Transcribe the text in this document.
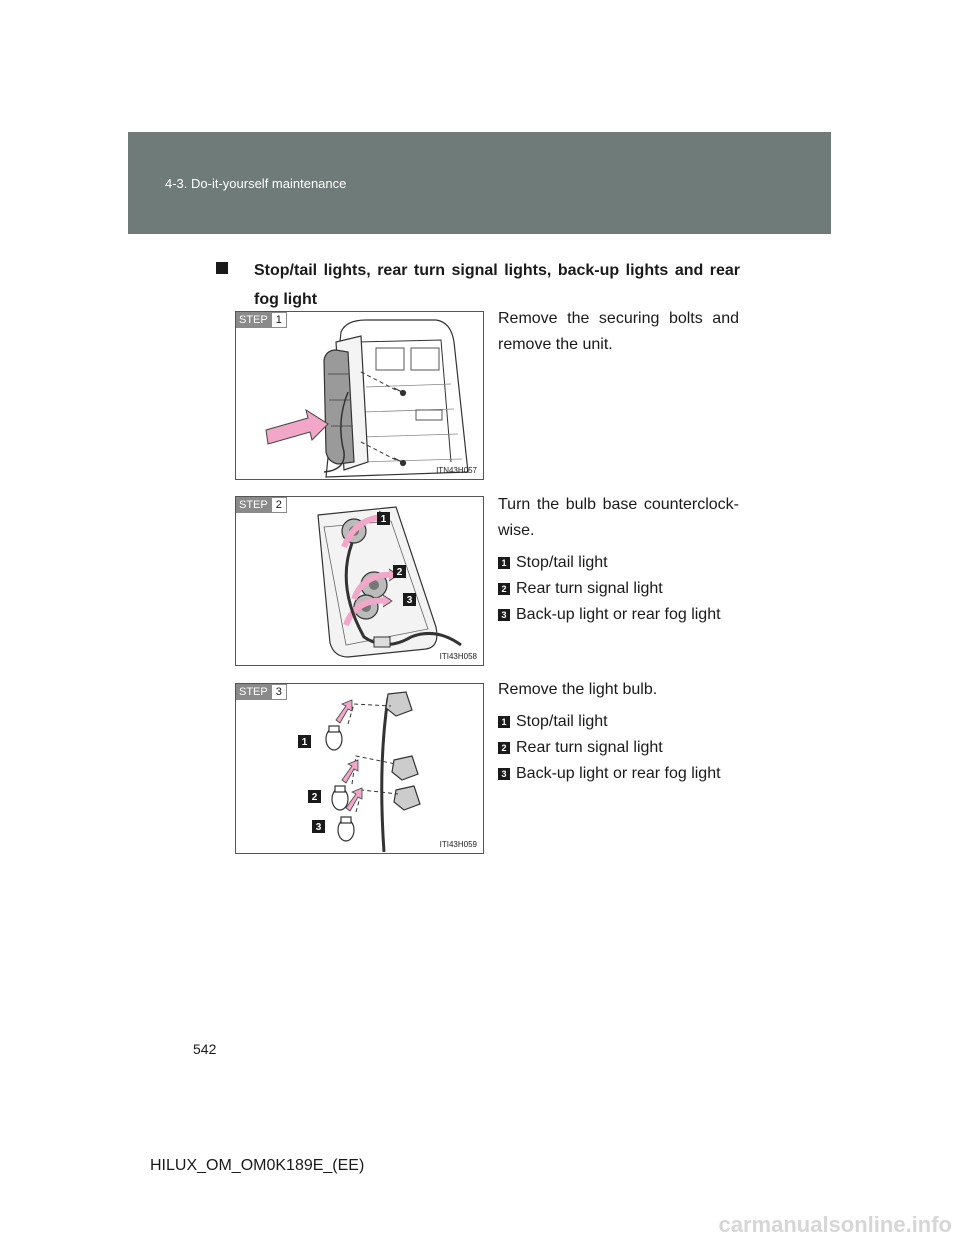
4-3. Do-it-yourself maintenance
Stop/tail lights, rear turn signal lights, back-up lights and rear fog light
STEP 1
ITN43H057

Remove the securing bolts and remove the unit.

STEP 2
1
2
3
ITI43H058

Turn the bulb base counterclock-wise.

1 Stop/tail light
2 Rear turn signal light
3 Back-up light or rear fog light
STEP 3
1
2
3
ITI43H059

Remove the light bulb.

1 Stop/tail light
2 Rear turn signal light
3 Back-up light or rear fog light
542
HILUX_OM_OM0K189E_(EE)
carmanualsonline.info
